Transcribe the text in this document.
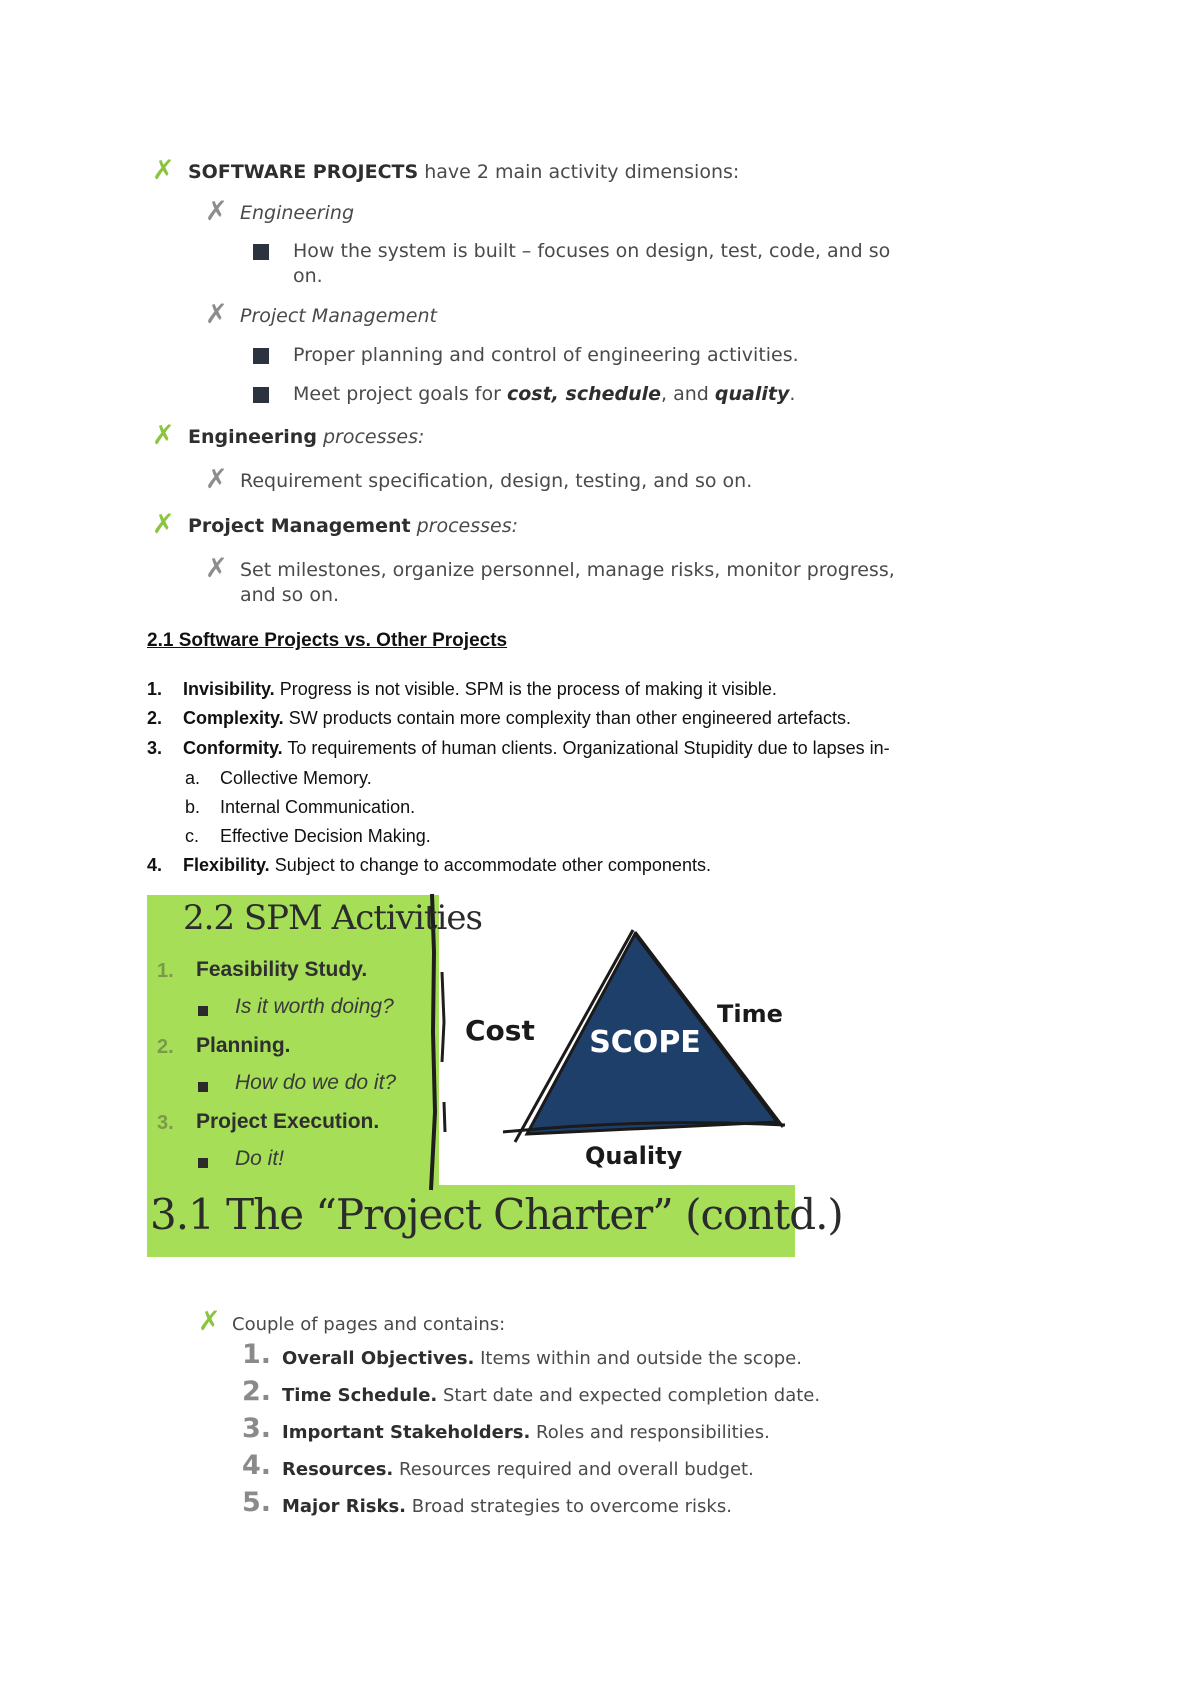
✗ SOFTWARE PROJECTS have 2 main activity dimensions:
✗ Engineering
How the system is built – focuses on design, test, code, and so
on.
✗ Project Management
Proper planning and control of engineering activities.
Meet project goals for cost, schedule, and quality.
✗ Engineering processes:
✗ Requirement specification, design, testing, and so on.
✗ Project Management processes:
✗ Set milestones, organize personnel, manage risks, monitor progress,
and so on.
2.1 Software Projects vs. Other Projects
1. Invisibility. Progress is not visible. SPM is the process of making it visible.
2. Complexity. SW products contain more complexity than other engineered artefacts.
3. Conformity. To requirements of human clients. Organizational Stupidity due to lapses in-
a. Collective Memory.
b. Internal Communication.
c. Effective Decision Making.
4. Flexibility. Subject to change to accommodate other components.
2.2 SPM Activities
1. Feasibility Study.
Is it worth doing?
2. Planning.
How do we do it?
3. Project Execution.
Do it!
SCOPE
Cost	Time
Quality
3.1 The “Project Charter” (contd.)
✗ Couple of pages and contains:
1. Overall Objectives. Items within and outside the scope.
2. Time Schedule. Start date and expected completion date.
3. Important Stakeholders. Roles and responsibilities.
4. Resources. Resources required and overall budget.
5. Major Risks. Broad strategies to overcome risks.
